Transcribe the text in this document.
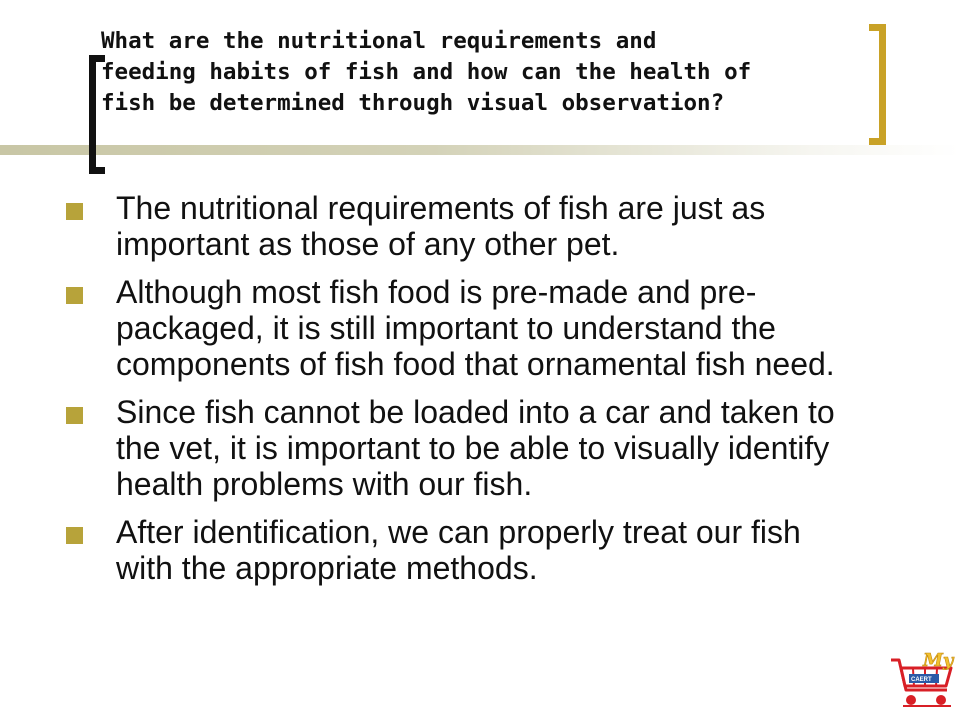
What are the nutritional requirements and
feeding habits of fish and how can the health of
fish be determined through visual observation?
The nutritional requirements of fish are just as important as those of any other pet.
Although most fish food is pre-made and pre-packaged, it is still important to understand the components of fish food that ornamental fish need.
Since fish cannot be loaded into a car and taken to the vet, it is important to be able to visually identify health problems with our fish.
After identification, we can properly treat our fish with the appropriate methods.
My
CAERT
